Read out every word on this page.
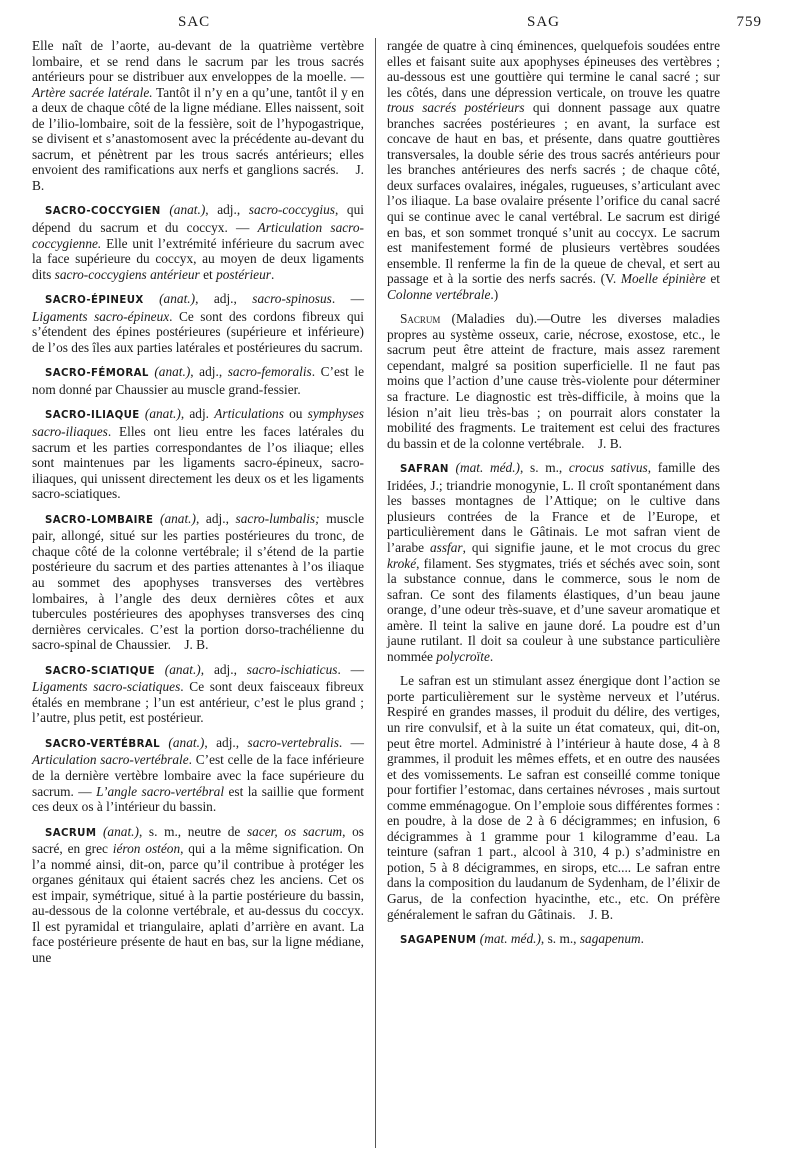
SAC	SAG	759

Elle naît de l’aorte, au-devant de la quatrième vertèbre lombaire, et se rend dans le sacrum par les trous sacrés antérieurs pour se distribuer aux enveloppes de la moelle. — Artère sacrée latérale. Tantôt il n’y en a qu’une, tantôt il y en a deux de chaque côté de la ligne médiane. Elles naissent, soit de l’ilio-lombaire, soit de la fessière, soit de l’hypogastrique, se divisent et s’anastomosent avec la précédente au-devant du sacrum, et pénètrent par les trous sacrés antérieurs; elles envoient des ramifications aux nerfs et ganglions sacrés. J. B.

SACRO-COCCYGIEN (anat.), adj., sacro-coccygius, qui dépend du sacrum et du coccyx. — Articulation sacro-coccygienne. Elle unit l’extrémité inférieure du sacrum avec la face supérieure du coccyx, au moyen de deux ligaments dits sacro-coccygiens antérieur et postérieur.

SACRO-ÉPINEUX (anat.), adj., sacro-spinosus. — Ligaments sacro-épineux. Ce sont des cordons fibreux qui s’étendent des épines postérieures (supérieure et inférieure) de l’os des îles aux parties latérales et postérieures du sacrum.

SACRO-FÉMORAL (anat.), adj., sacro-femoralis. C’est le nom donné par Chaussier au muscle grand-fessier.

SACRO-ILIAQUE (anat.), adj. Articulations ou symphyses sacro-iliaques. Elles ont lieu entre les faces latérales du sacrum et les parties correspondantes de l’os iliaque; elles sont maintenues par les ligaments sacro-épineux, sacro-iliaques, qui unissent directement les deux os et les ligaments sacro-sciatiques.

SACRO-LOMBAIRE (anat.), adj., sacro-lumbalis; muscle pair, allongé, situé sur les parties postérieures du tronc, de chaque côté de la colonne vertébrale; il s’étend de la partie postérieure du sacrum et des parties attenantes à l’os iliaque au sommet des apophyses transverses des vertèbres lombaires, à l’angle des deux dernières côtes et aux tubercules postérieures des apophyses transverses des cinq dernières cervicales. C’est la portion dorso-trachélienne du sacro-spinal de Chaussier. J. B.

SACRO-SCIATIQUE (anat.), adj., sacro-ischiaticus. — Ligaments sacro-sciatiques. Ce sont deux faisceaux fibreux étalés en membrane ; l’un est antérieur, c’est le plus grand ; l’autre, plus petit, est postérieur.

SACRO-VERTÉBRAL (anat.), adj., sacro-vertebralis. — Articulation sacro-vertébrale. C’est celle de la face inférieure de la dernière vertèbre lombaire avec la face supérieure du sacrum. — L’angle sacro-vertébral est la saillie que forment ces deux os à l’intérieur du bassin.

SACRUM (anat.), s. m., neutre de sacer, os sacrum, os sacré, en grec iéron ostéon, qui a la même signification. On l’a nommé ainsi, dit-on, parce qu’il contribue à protéger les organes génitaux qui étaient sacrés chez les anciens. Cet os est impair, symétrique, situé à la partie postérieure du bassin, au-dessous de la colonne vertébrale, et au-dessus du coccyx. Il est pyramidal et triangulaire, aplati d’arrière en avant. La face postérieure présente de haut en bas, sur la ligne médiane, une

rangée de quatre à cinq éminences, quelquefois soudées entre elles et faisant suite aux apophyses épineuses des vertèbres ; au-dessous est une gouttière qui termine le canal sacré ; sur les côtés, dans une dépression verticale, on trouve les quatre trous sacrés postérieurs qui donnent passage aux quatre branches sacrées postérieures ; en avant, la surface est concave de haut en bas, et présente, dans quatre gouttières transversales, la double série des trous sacrés antérieurs pour les branches antérieures des nerfs sacrés ; de chaque côté, deux surfaces ovalaires, inégales, rugueuses, s’articulant avec l’os iliaque. La base ovalaire présente l’orifice du canal sacré qui se continue avec le canal vertébral. Le sacrum est dirigé en bas, et son sommet tronqué s’unit au coccyx. Le sacrum est manifestement formé de plusieurs vertèbres soudées ensemble. Il renferme la fin de la queue de cheval, et sert au passage et à la sortie des nerfs sacrés. (V. Moelle épinière et Colonne vertébrale.)

Sacrum (Maladies du).—Outre les diverses maladies propres au système osseux, carie, nécrose, exostose, etc., le sacrum peut être atteint de fracture, mais assez rarement cependant, malgré sa position superficielle. Il ne faut pas moins que l’action d’une cause très-violente pour déterminer sa fracture. Le diagnostic est très-difficile, à moins que la lésion n’ait lieu très-bas ; on pourrait alors constater la mobilité des fragments. Le traitement est celui des fractures du bassin et de la colonne vertébrale. J. B.

SAFRAN (mat. méd.), s. m., crocus sativus, famille des Iridées, J.; triandrie monogynie, L. Il croît spontanément dans les basses montagnes de l’Attique; on le cultive dans plusieurs contrées de la France et de l’Europe, et particulièrement dans le Gâtinais. Le mot safran vient de l’arabe assfar, qui signifie jaune, et le mot crocus du grec kroké, filament. Ses stygmates, triés et séchés avec soin, sont la substance connue, dans le commerce, sous le nom de safran. Ce sont des filaments élastiques, d’un beau jaune orange, d’une odeur très-suave, et d’une saveur aromatique et amère. Il teint la salive en jaune doré. La poudre est d’un jaune rutilant. Il doit sa couleur à une substance particulière nommée polycroïte.

Le safran est un stimulant assez énergique dont l’action se porte particulièrement sur le système nerveux et l’utérus. Respiré en grandes masses, il produit du délire, des vertiges, un rire convulsif, et à la suite un état comateux, qui, dit-on, peut être mortel. Administré à l’intérieur à haute dose, 4 à 8 grammes, il produit les mêmes effets, et en outre des nausées et des vomissements. Le safran est conseillé comme tonique pour fortifier l’estomac, dans certaines névroses , mais surtout comme emménagogue. On l’emploie sous différentes formes : en poudre, à la dose de 2 à 6 décigrammes; en infusion, 6 décigrammes à 1 gramme pour 1 kilogramme d’eau. La teinture (safran 1 part., alcool à 310, 4 p.) s’administre en potion, 5 à 8 décigrammes, en sirops, etc.... Le safran entre dans la composition du laudanum de Sydenham, de l’élixir de Garus, de la confection hyacinthe, etc., etc. On préfère généralement le safran du Gâtinais. J. B.

SAGAPENUM (mat. méd.), s. m., sagapenum.
